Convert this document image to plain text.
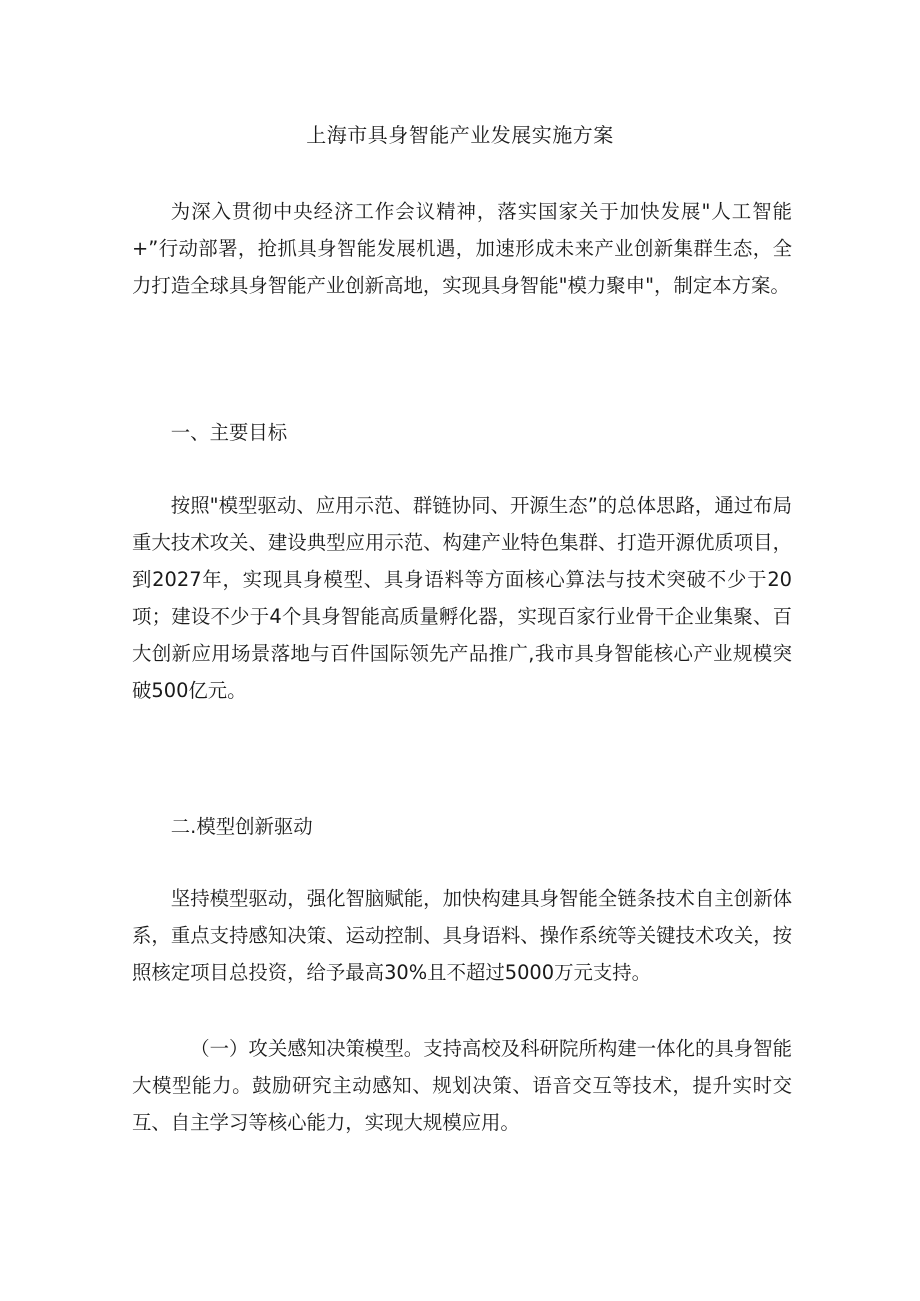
上海市具身智能产业发展实施方案

为深入贯彻中央经济工作会议精神，落实国家关于加快发展"人工智能+”行动部署，抢抓具身智能发展机遇，加速形成未来产业创新集群生态，全力打造全球具身智能产业创新高地，实现具身智能"模力聚申"，制定本方案。

一、主要目标

按照"模型驱动、应用示范、群链协同、开源生态”的总体思路，通过布局重大技术攻关、建设典型应用示范、构建产业特色集群、打造开源优质项目，到2027年，实现具身模型、具身语料等方面核心算法与技术突破不少于20项；建设不少于4个具身智能高质量孵化器，实现百家行业骨干企业集聚、百大创新应用场景落地与百件国际领先产品推广,我市具身智能核心产业规模突破500亿元。

二.模型创新驱动

坚持模型驱动，强化智脑赋能，加快构建具身智能全链条技术自主创新体系，重点支持感知决策、运动控制、具身语料、操作系统等关键技术攻关，按照核定项目总投资，给予最高30%且不超过5000万元支持。

（一）攻关感知决策模型。支持高校及科研院所构建一体化的具身智能大模型能力。鼓励研究主动感知、规划决策、语音交互等技术，提升实时交互、自主学习等核心能力，实现大规模应用。
